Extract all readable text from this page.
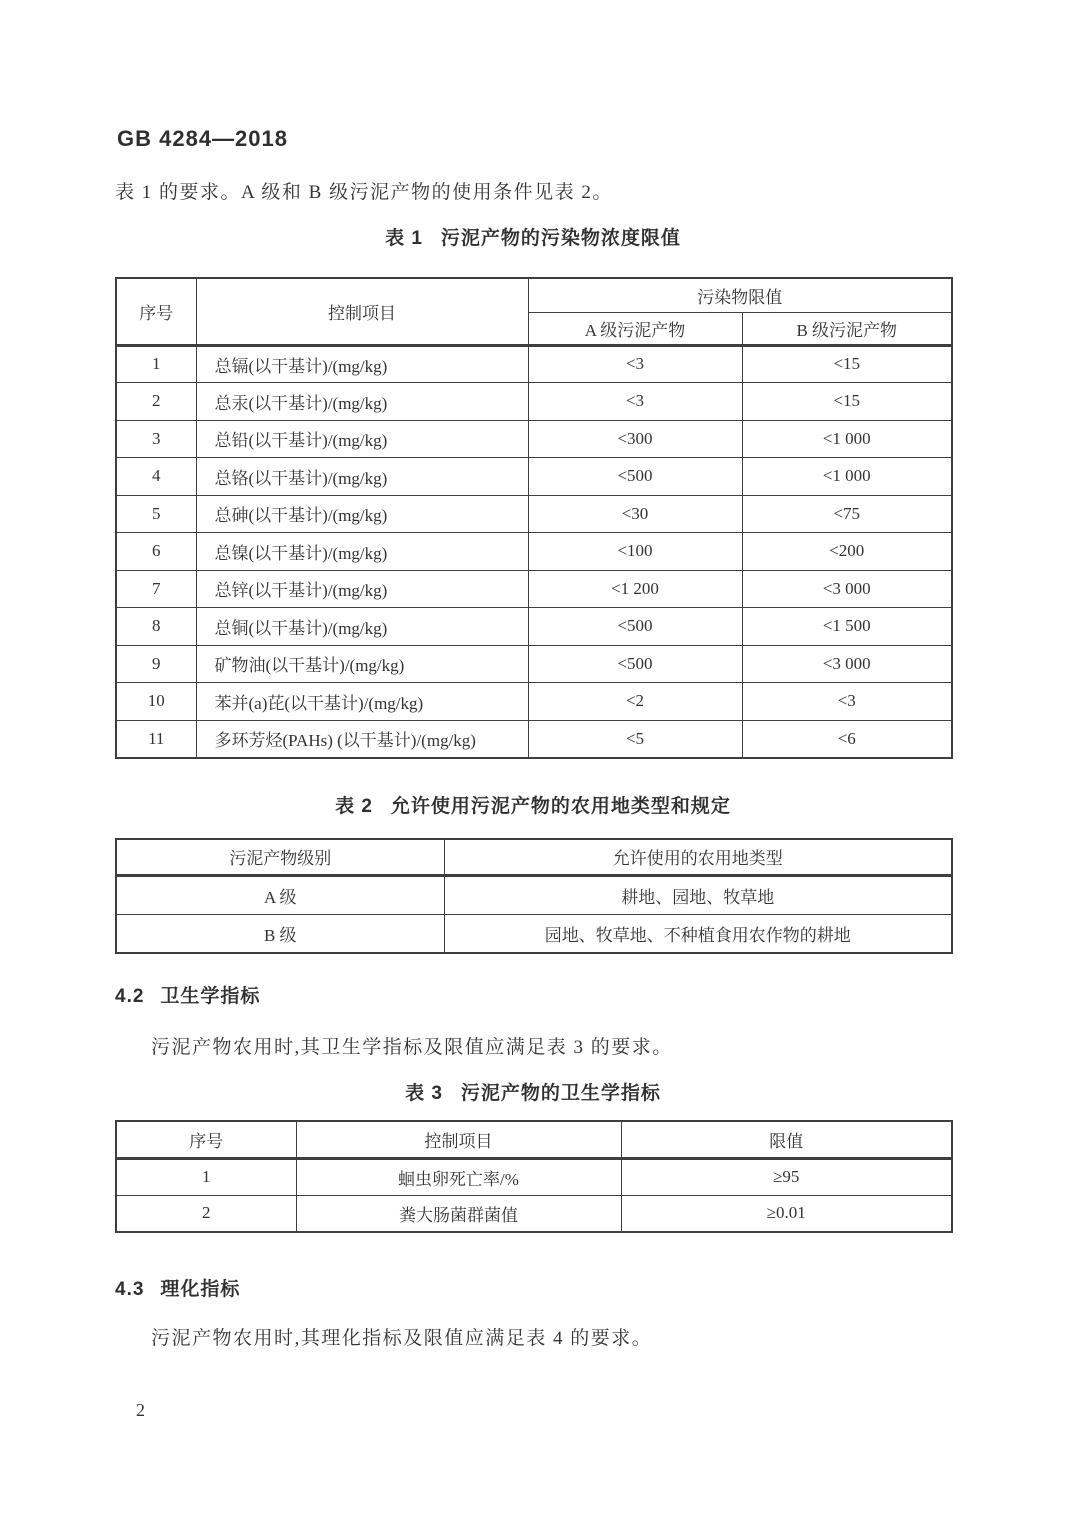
GB 4284—2018
表 1 的要求。A 级和 B 级污泥产物的使用条件见表 2。
表 1 污泥产物的污染物浓度限值
序号	控制项目	污染物限值	
		A 级污泥产物	B 级污泥产物
1	总镉(以干基计)/(mg/kg)	<3	<15
2	总汞(以干基计)/(mg/kg)	<3	<15
3	总铅(以干基计)/(mg/kg)	<300	<1 000
4	总铬(以干基计)/(mg/kg)	<500	<1 000
5	总砷(以干基计)/(mg/kg)	<30	<75
6	总镍(以干基计)/(mg/kg)	<100	<200
7	总锌(以干基计)/(mg/kg)	<1 200	<3 000
8	总铜(以干基计)/(mg/kg)	<500	<1 500
9	矿物油(以干基计)/(mg/kg)	<500	<3 000
10	苯并(a)芘(以干基计)/(mg/kg)	<2	<3
11	多环芳烃(PAHs) (以干基计)/(mg/kg)	<5	<6
表 2 允许使用污泥产物的农用地类型和规定
污泥产物级别	允许使用的农用地类型
A 级	耕地、园地、牧草地
B 级	园地、牧草地、不种植食用农作物的耕地
4.2 卫生学指标
污泥产物农用时,其卫生学指标及限值应满足表 3 的要求。
表 3 污泥产物的卫生学指标
序号	控制项目	限值
1	蛔虫卵死亡率/%	≥95
2	粪大肠菌群菌值	≥0.01
4.3 理化指标
污泥产物农用时,其理化指标及限值应满足表 4 的要求。
2
